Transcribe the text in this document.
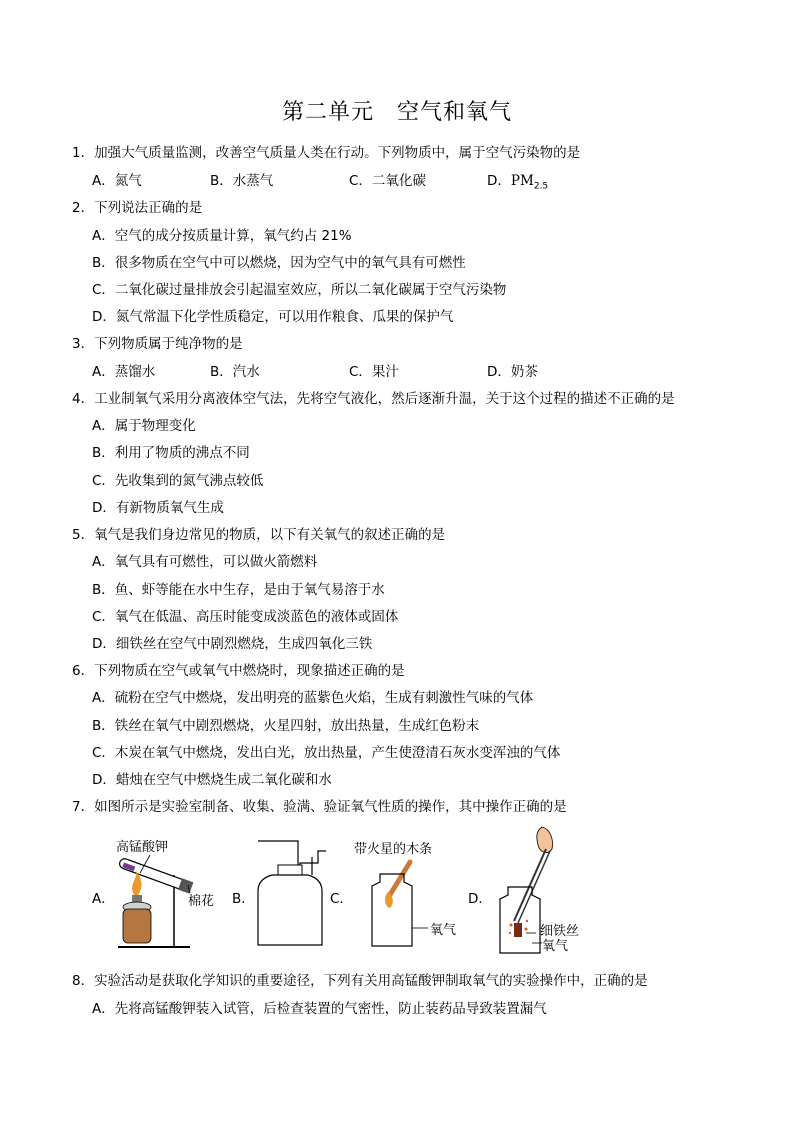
第二单元　空气和氧气
1．加强大气质量监测，改善空气质量人类在行动。下列物质中，属于空气污染物的是
A．氮气	B．水蒸气	C．二氧化碳	D．$PM_{2.5}$
2．下列说法正确的是
A．空气的成分按质量计算，氧气约占 21%
B．很多物质在空气中可以燃烧，因为空气中的氧气具有可燃性
C．二氧化碳过量排放会引起温室效应，所以二氧化碳属于空气污染物
D．氮气常温下化学性质稳定，可以用作粮食、瓜果的保护气
3．下列物质属于纯净物的是
A．蒸馏水	B．汽水	C．果汁	D．奶茶
4．工业制氧气采用分离液体空气法，先将空气液化，然后逐渐升温，关于这个过程的描述不正确的是
A．属于物理变化
B．利用了物质的沸点不同
C．先收集到的氮气沸点较低
D．有新物质氧气生成
5．氧气是我们身边常见的物质，以下有关氧气的叙述正确的是
A．氧气具有可燃性，可以做火箭燃料
B．鱼、虾等能在水中生存，是由于氧气易溶于水
C．氧气在低温、高压时能变成淡蓝色的液体或固体
D．细铁丝在空气中剧烈燃烧，生成四氧化三铁
6．下列物质在空气或氧气中燃烧时，现象描述正确的是
A．硫粉在空气中燃烧，发出明亮的蓝紫色火焰，生成有刺激性气味的气体
B．铁丝在氧气中剧烈燃烧，火星四射，放出热量，生成红色粉末
C．木炭在氧气中燃烧，发出白光，放出热量，产生使澄清石灰水变浑浊的气体
D．蜡烛在空气中燃烧生成二氧化碳和水
7．如图所示是实验室制备、收集、验满、验证氧气性质的操作，其中操作正确的是
A．	B．	C．	D．
高锰酸钾
棉花
带火星的木条
氧气	细铁丝
氧气
8．实验活动是获取化学知识的重要途径，下列有关用高锰酸钾制取氧气的实验操作中，正确的是
A．先将高锰酸钾装入试管，后检查装置的气密性，防止装药品导致装置漏气
